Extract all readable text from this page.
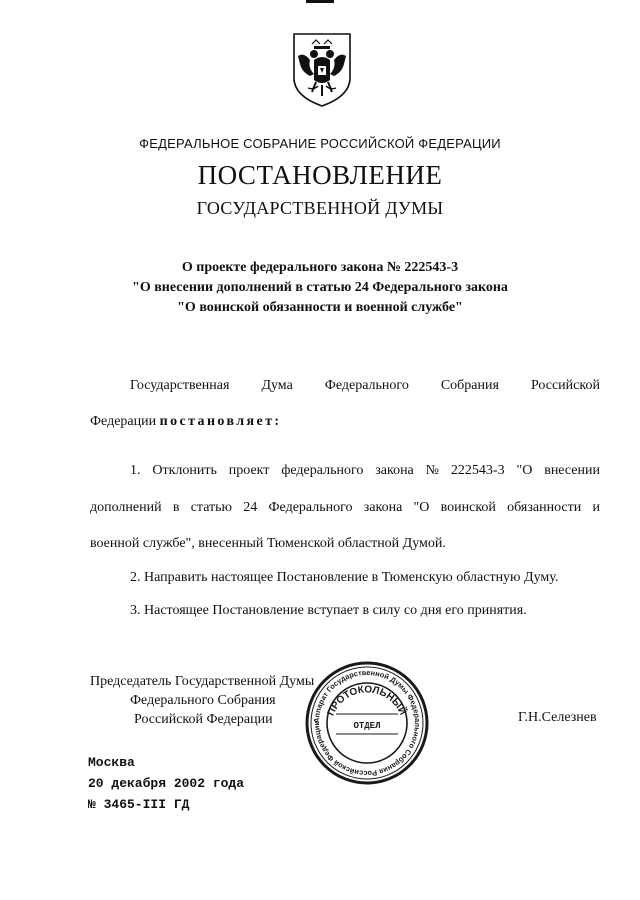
ФЕДЕРАЛЬНОЕ СОБРАНИЕ РОССИЙСКОЙ ФЕДЕРАЦИИ
ПОСТАНОВЛЕНИЕ
ГОСУДАРСТВЕННОЙ ДУМЫ
О проекте федерального закона № 222543-3
"О внесении дополнений в статью 24 Федерального закона
"О воинской обязанности и военной службе"
Государственная Дума Федерального Собрания Российской
Федерации постановляет:
1. Отклонить проект федерального закона № 222543-3 "О внесении
дополнений в статью 24 Федерального закона "О воинской обязанности и
военной службе", внесенный Тюменской областной Думой.
2. Направить настоящее Постановление в Тюменскую областную Думу.
3. Настоящее Постановление вступает в силу со дня его принятия.
Председатель Государственной Думы
Федерального Собрания
Российской Федерации	Г.Н.Селезнев
Аппарат Государственной Думы Федерального Собрания Российской Федерации
ПРОТОКОЛЬНЫЙ
ОТДЕЛ
Москва
20 декабря 2002 года
№ 3465-III ГД
